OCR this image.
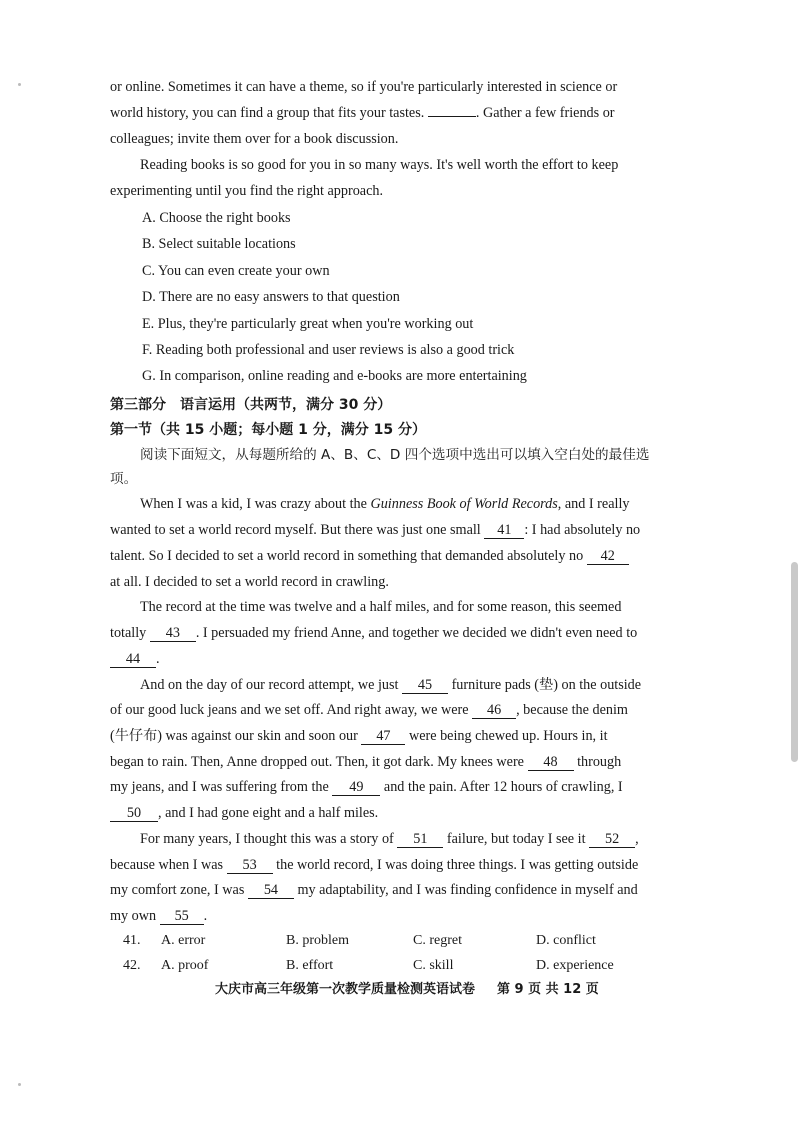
or online. Sometimes it can have a theme, so if you're particularly interested in science or
world history, you can find a group that fits your tastes.	. Gather a few friends or
colleagues; invite them over for a book discussion.
Reading books is so good for you in so many ways. It's well worth the effort to keep
experimenting until you find the right approach.
A. Choose the right books
B. Select suitable locations
C. You can even create your own
D. There are no easy answers to that question
E. Plus, they're particularly great when you're working out
F. Reading both professional and user reviews is also a good trick
G. In comparison, online reading and e-books are more entertaining
第三部分　语言运用（共两节，满分 30 分）
第一节（共 15 小题；每小题 1 分，满分 15 分）
阅读下面短文，从每题所给的 A、B、C、D 四个选项中选出可以填入空白处的最佳选
项。
When I was a kid, I was crazy about the Guinness Book of World Records, and I really
wanted to set a world record myself. But there was just one small 41 : I had absolutely no
talent. So I decided to set a world record in something that demanded absolutely no 42
at all. I decided to set a world record in crawling.
The record at the time was twelve and a half miles, and for some reason, this seemed
totally 43 . I persuaded my friend Anne, and together we decided we didn't even need to
44 .
And on the day of our record attempt, we just 45 furniture pads (垫) on the outside
of our good luck jeans and we set off. And right away, we were 46 , because the denim
(牛仔布) was against our skin and soon our 47 were being chewed up. Hours in, it
began to rain. Then, Anne dropped out. Then, it got dark. My knees were 48 through
my jeans, and I was suffering from the 49 and the pain. After 12 hours of crawling, I
50 , and I had gone eight and a half miles.
For many years, I thought this was a story of 51 failure, but today I see it 52 ,
because when I was 53 the world record, I was doing three things. I was getting outside
my comfort zone, I was 54 my adaptability, and I was finding confidence in myself and
my own 55 .
41. A. error	B. problem	C. regret	D. conflict
42. A. proof	B. effort	C. skill	D. experience
大庆市高三年级第一次教学质量检测英语试卷 第 9 页 共 12 页
